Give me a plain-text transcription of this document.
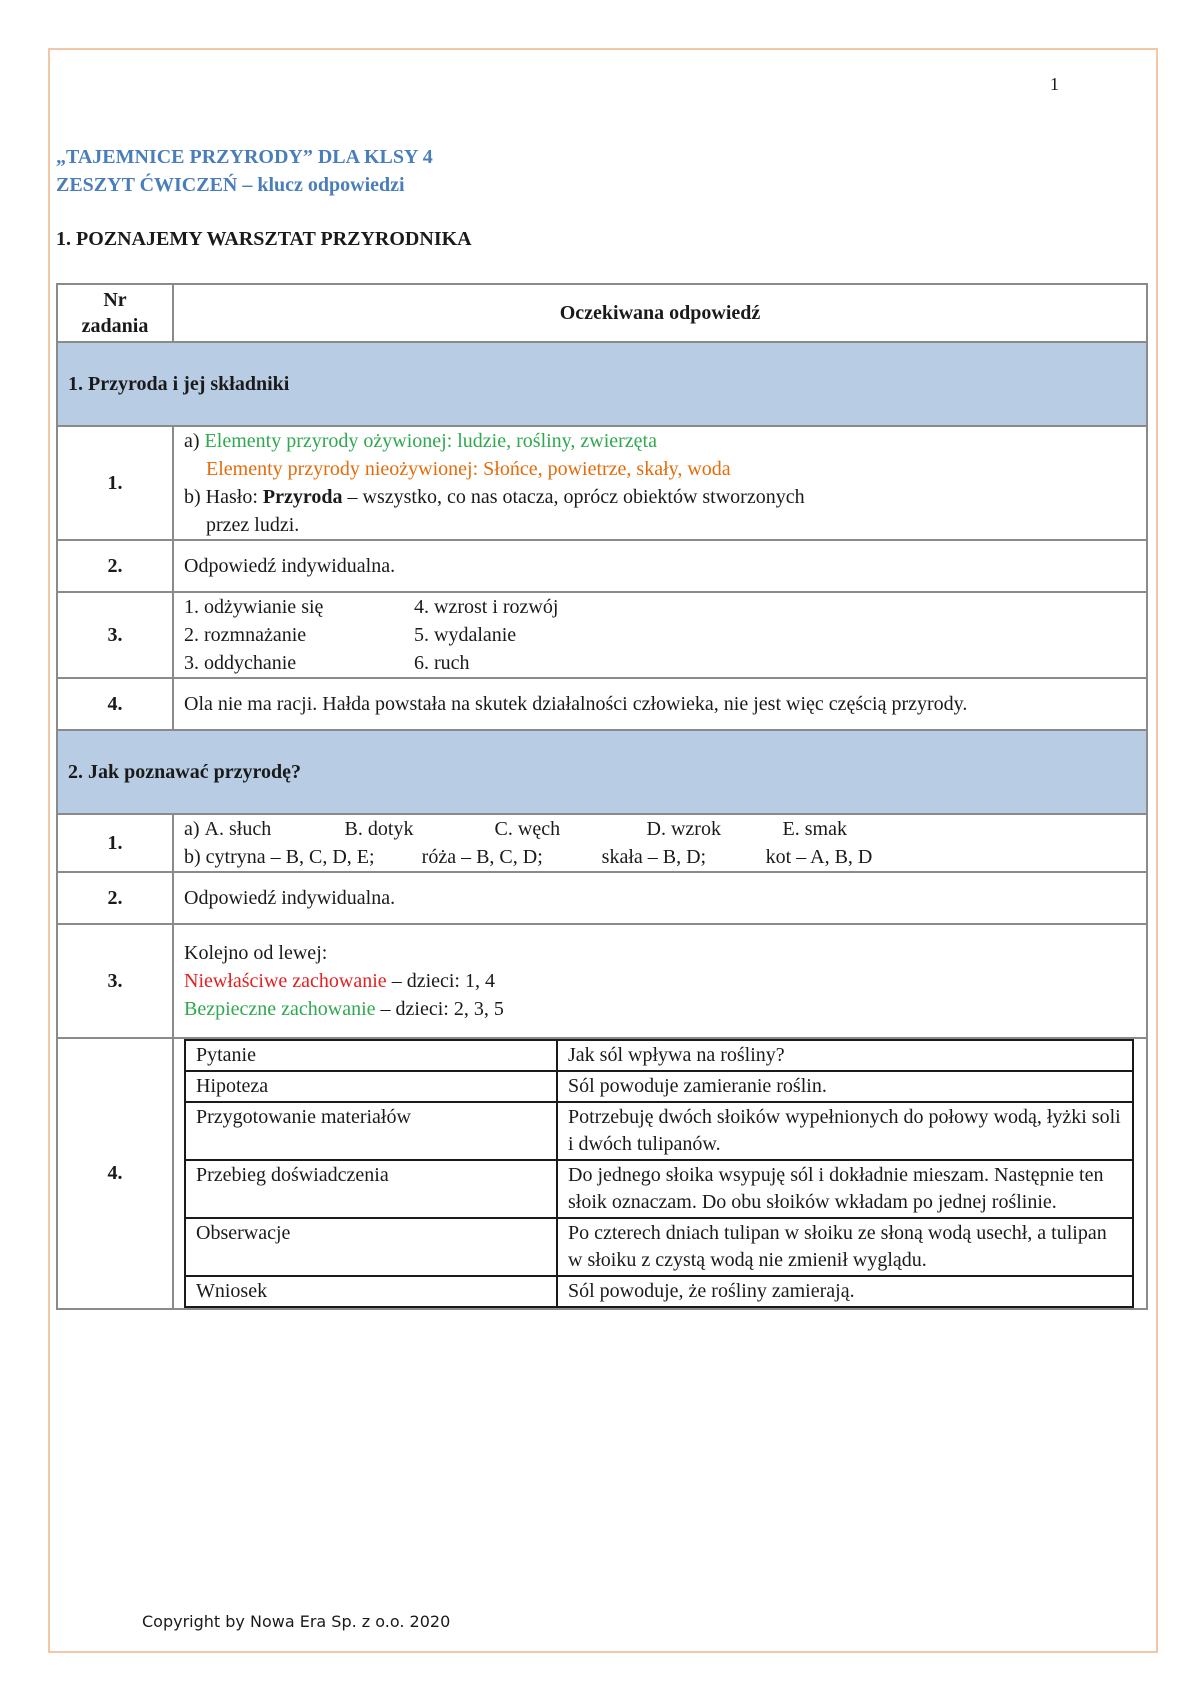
1
„TAJEMNICE PRZYRODY” DLA KLSY 4
ZESZYT ĆWICZEŃ – klucz odpowiedzi
1. POZNAJEMY WARSZTAT PRZYRODNIKA
Nr
zadania	Oczekiwana odpowiedź
1. Przyroda i jej składniki
1.	
a) Elementy przyrody ożywionej: ludzie, rośliny, zwierzęta
Elementy przyrody nieożywionej: Słońce, powietrze, skały, woda
b) Hasło: Przyroda – wszystko, co nas otacza, oprócz obiektów stworzonych
przez ludzi.

2.	Odpowiedź indywidualna.
3.	
1. odżywianie się
2. rozmnażanie
3. oddychanie
4. wzrost i rozwój
5. wydalanie
6. ruch

4.	Ola nie ma racji. Hałda powstała na skutek działalności człowieka, nie jest więc częścią przyrody.
2. Jak poznawać przyrodę?
1.	
a) A. słuch	B. dotyk	C. węch	D. wzrok	E. smak
b) cytryna – B, C, D, E; róża – B, C, D;	skała – B, D;	kot – A, B, D

2.	Odpowiedź indywidualna.
3.	
Kolejno od lewej:
Niewłaściwe zachowanie – dzieci: 1, 4
Bezpieczne zachowanie – dzieci: 2, 3, 5

4.	
Pytanie	Jak sól wpływa na rośliny?
Hipoteza	Sól powoduje zamieranie roślin.
Przygotowanie materiałów	Potrzebuję dwóch słoików wypełnionych do połowy wodą, łyżki soli i dwóch tulipanów.
Przebieg doświadczenia	Do jednego słoika wsypuję sól i dokładnie mieszam. Następnie ten słoik oznaczam. Do obu słoików wkładam po jednej roślinie.
Obserwacje	Po czterech dniach tulipan w słoiku ze słoną wodą usechł, a tulipan w słoiku z czystą wodą nie zmienił wyglądu.
Wniosek	Sól powoduje, że rośliny zamierają.
Copyright by Nowa Era Sp. z o.o. 2020
